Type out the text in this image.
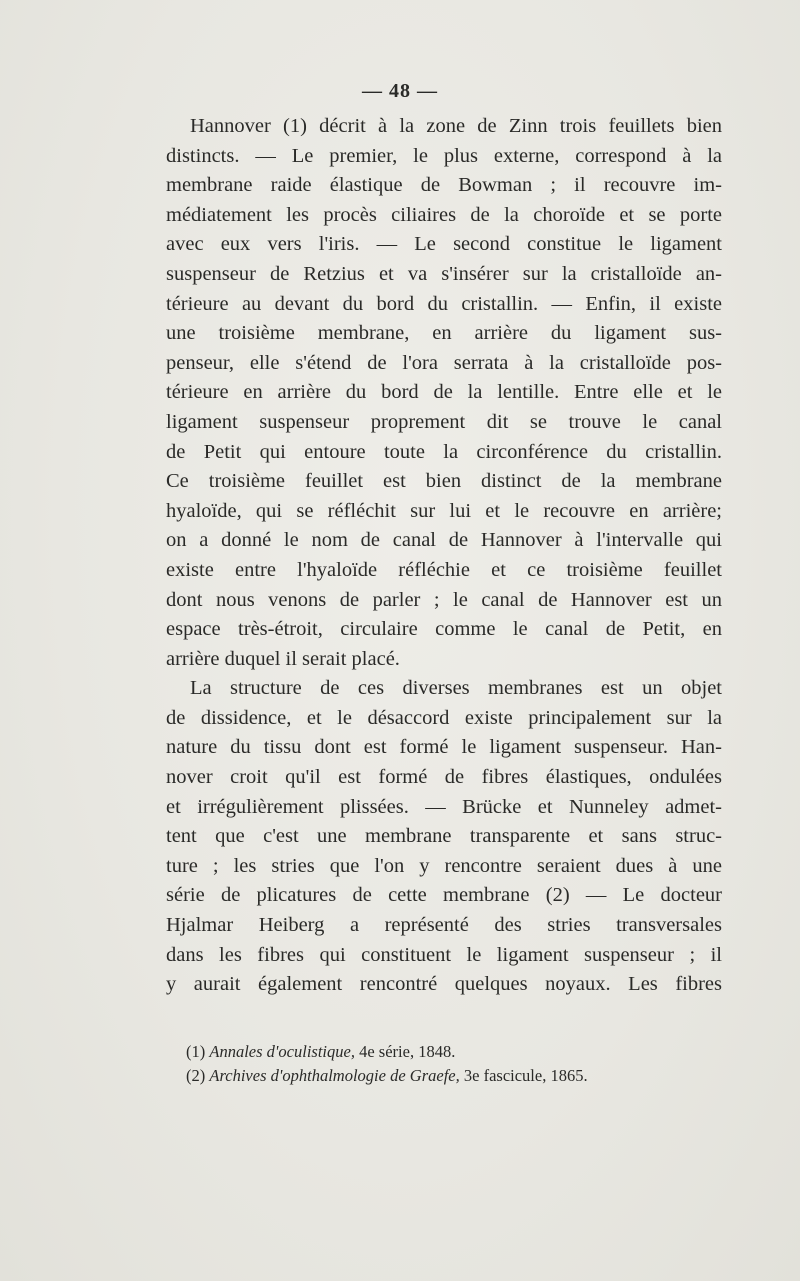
— 48 —
Hannover (1) décrit à la zone de Zinn trois feuillets bien
distincts. — Le premier, le plus externe, correspond à la
membrane raide élastique de Bowman ; il recouvre im-
médiatement les procès ciliaires de la choroïde et se porte
avec eux vers l'iris. — Le second constitue le ligament
suspenseur de Retzius et va s'insérer sur la cristalloïde an-
térieure au devant du bord du cristallin. — Enfin, il existe
une troisième membrane, en arrière du ligament sus-
penseur, elle s'étend de l'ora serrata à la cristalloïde pos-
térieure en arrière du bord de la lentille. Entre elle et le
ligament suspenseur proprement dit se trouve le canal
de Petit qui entoure toute la circonférence du cristallin.
Ce troisième feuillet est bien distinct de la membrane
hyaloïde, qui se réfléchit sur lui et le recouvre en arrière;
on a donné le nom de canal de Hannover à l'intervalle qui
existe entre l'hyaloïde réfléchie et ce troisième feuillet
dont nous venons de parler ; le canal de Hannover est un
espace très-étroit, circulaire comme le canal de Petit, en
arrière duquel il serait placé.
La structure de ces diverses membranes est un objet
de dissidence, et le désaccord existe principalement sur la
nature du tissu dont est formé le ligament suspenseur. Han-
nover croit qu'il est formé de fibres élastiques, ondulées
et irrégulièrement plissées. — Brücke et Nunneley admet-
tent que c'est une membrane transparente et sans struc-
ture ; les stries que l'on y rencontre seraient dues à une
série de plicatures de cette membrane (2) — Le docteur
Hjalmar Heiberg a représenté des stries transversales
dans les fibres qui constituent le ligament suspenseur ; il
y aurait également rencontré quelques noyaux. Les fibres
(1) Annales d'oculistique, 4e série, 1848.
(2) Archives d'ophthalmologie de Graefe, 3e fascicule, 1865.
